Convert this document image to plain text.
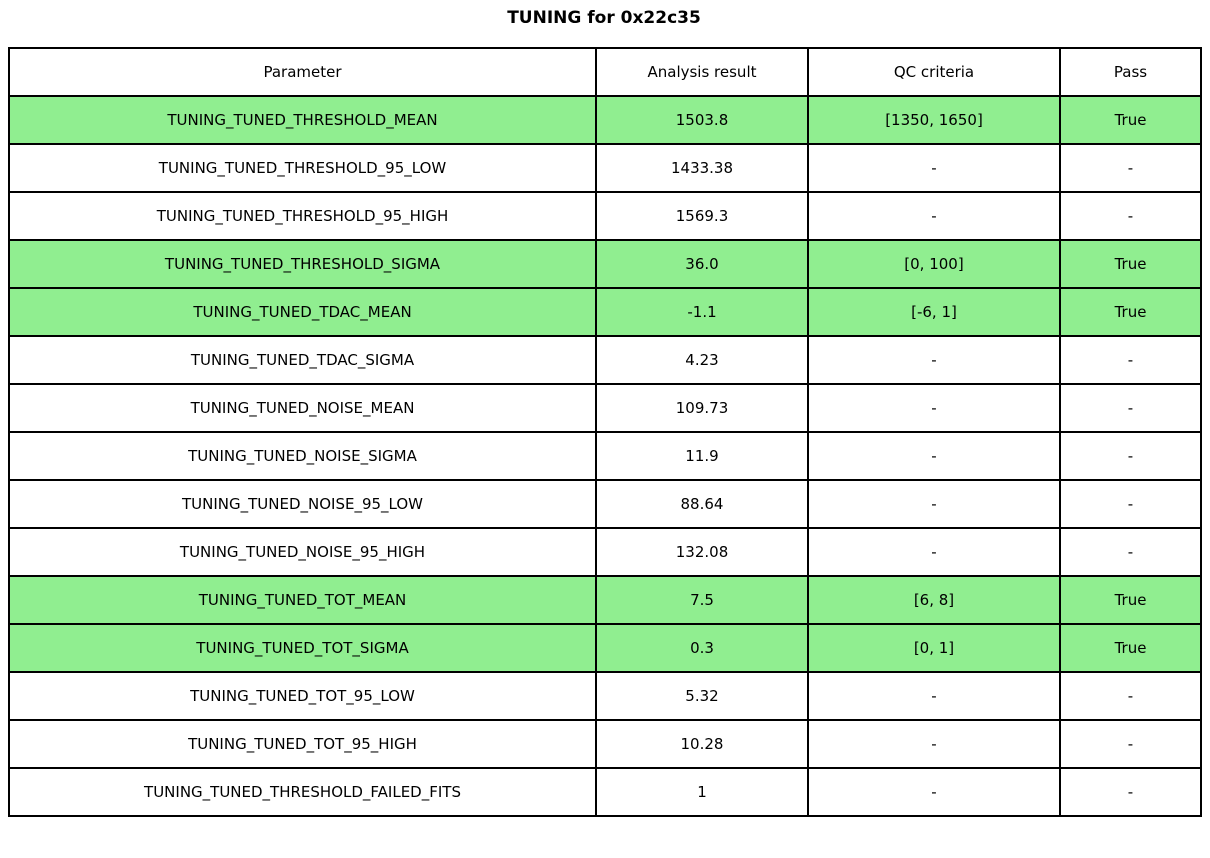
TUNING for 0x22c35
Parameter	Analysis result	QC criteria	Pass
TUNING_TUNED_THRESHOLD_MEAN	1503.8	[1350, 1650]	True
TUNING_TUNED_THRESHOLD_95_LOW	1433.38	-	-
TUNING_TUNED_THRESHOLD_95_HIGH	1569.3	-	-
TUNING_TUNED_THRESHOLD_SIGMA	36.0	[0, 100]	True
TUNING_TUNED_TDAC_MEAN	-1.1	[-6, 1]	True
TUNING_TUNED_TDAC_SIGMA	4.23	-	-
TUNING_TUNED_NOISE_MEAN	109.73	-	-
TUNING_TUNED_NOISE_SIGMA	11.9	-	-
TUNING_TUNED_NOISE_95_LOW	88.64	-	-
TUNING_TUNED_NOISE_95_HIGH	132.08	-	-
TUNING_TUNED_TOT_MEAN	7.5	[6, 8]	True
TUNING_TUNED_TOT_SIGMA	0.3	[0, 1]	True
TUNING_TUNED_TOT_95_LOW	5.32	-	-
TUNING_TUNED_TOT_95_HIGH	10.28	-	-
TUNING_TUNED_THRESHOLD_FAILED_FITS	1	-	-
